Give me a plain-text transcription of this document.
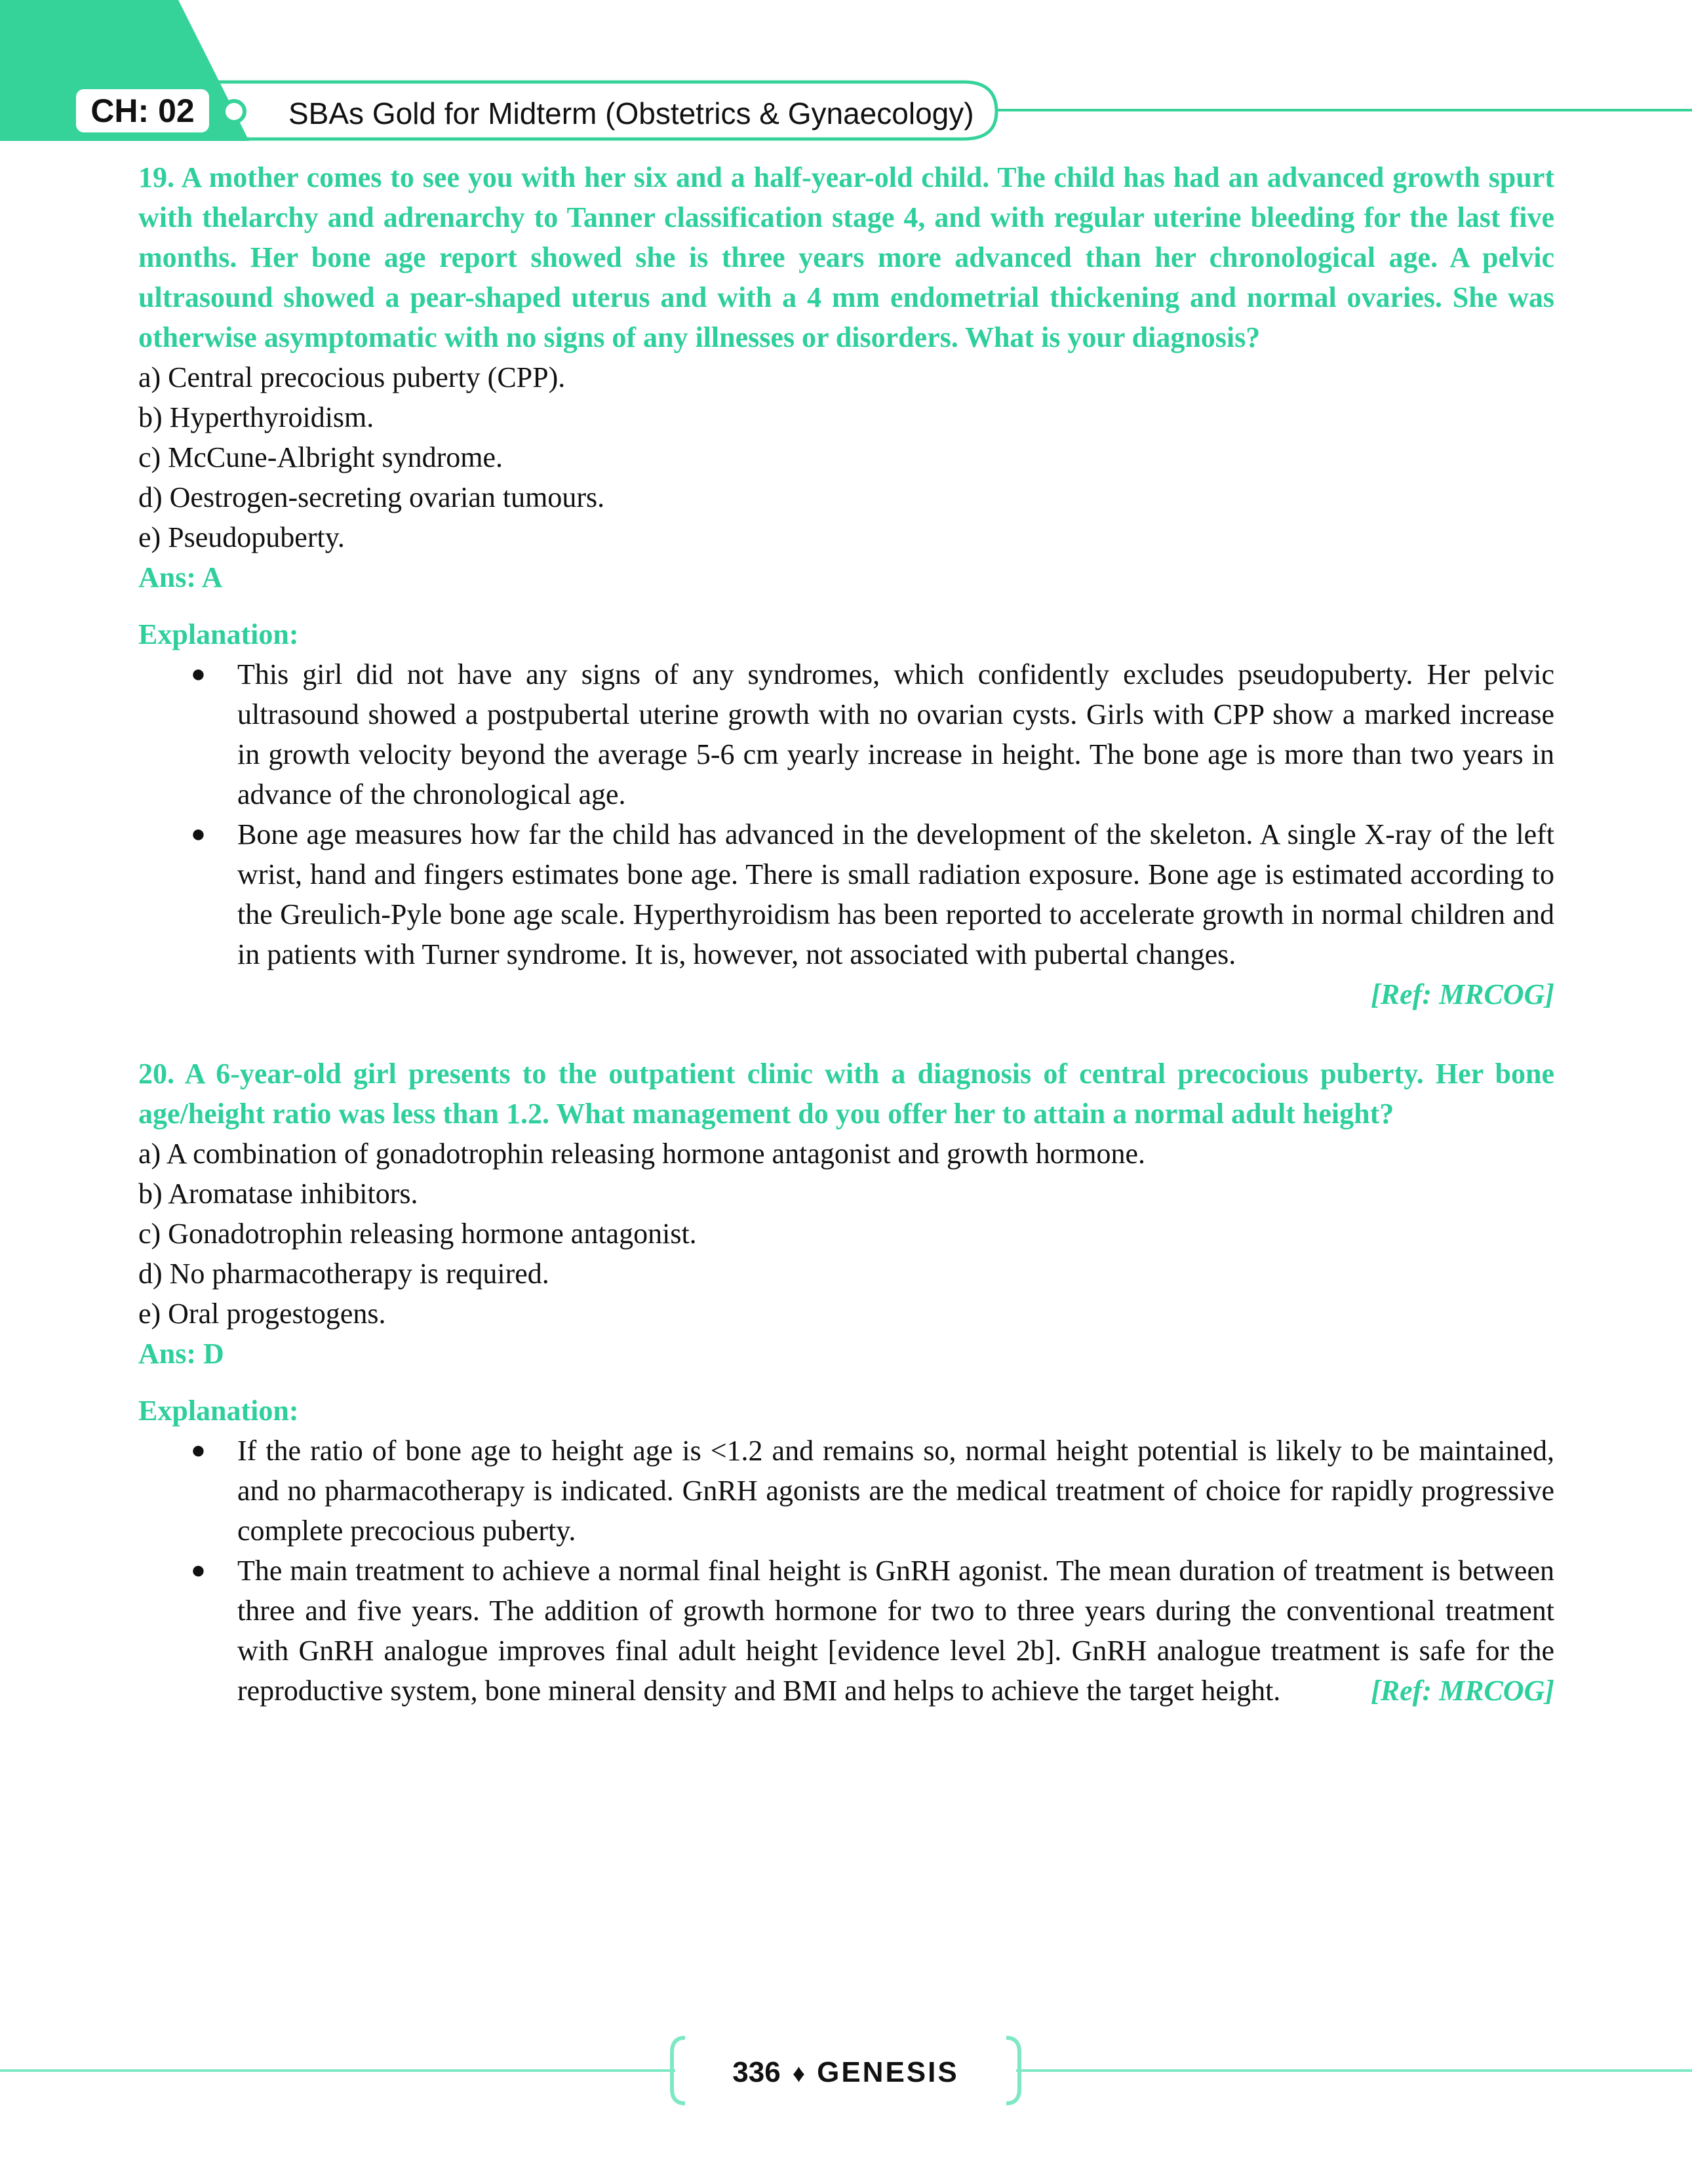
CH: 02	SBAs Gold for Midterm (Obstetrics & Gynaecology)

19. A mother comes to see you with her six and a half-year-old child. The child has had an advanced growth spurt with thelarchy and adrenarchy to Tanner classification stage 4, and with regular uterine bleeding for the last five months. Her bone age report showed she is three years more advanced than her chronological age. A pelvic ultrasound showed a pear-shaped uterus and with a 4 mm endometrial thickening and normal ovaries. She was otherwise asymptomatic with no signs of any illnesses or disorders. What is your diagnosis?

a) Central precocious puberty (CPP).
b) Hyperthyroidism.
c) McCune-Albright syndrome.
d) Oestrogen-secreting ovarian tumours.
e) Pseudopuberty.

Ans: A

Explanation:

● This girl did not have any signs of any syndromes, which confidently excludes pseudopuberty. Her pelvic ultrasound showed a postpubertal uterine growth with no ovarian cysts. Girls with CPP show a marked increase in growth velocity beyond the average 5-6 cm yearly increase in height. The bone age is more than two years in advance of the chronological age.
● Bone age measures how far the child has advanced in the development of the skeleton. A single X-ray of the left wrist, hand and fingers estimates bone age. There is small radiation exposure. Bone age is estimated according to the Greulich-Pyle bone age scale. Hyperthyroidism has been reported to accelerate growth in normal children and in patients with Turner syndrome. It is, however, not associated with pubertal changes.

[Ref: MRCOG]

20. A 6-year-old girl presents to the outpatient clinic with a diagnosis of central precocious puberty. Her bone age/height ratio was less than 1.2. What management do you offer her to attain a normal adult height?

a) A combination of gonadotrophin releasing hormone antagonist and growth hormone.
b) Aromatase inhibitors.
c) Gonadotrophin releasing hormone antagonist.
d) No pharmacotherapy is required.
e) Oral progestogens.

Ans: D

Explanation:

● If the ratio of bone age to height age is <1.2 and remains so, normal height potential is likely to be maintained, and no pharmacotherapy is indicated. GnRH agonists are the medical treatment of choice for rapidly progressive complete precocious puberty.
● The main treatment to achieve a normal final height is GnRH agonist. The mean duration of treatment is between three and five years. The addition of growth hormone for two to three years during the conventional treatment with GnRH analogue improves final adult height [evidence level 2b]. GnRH analogue treatment is safe for the reproductive system, bone mineral density and BMI and helps to achieve the target height.	[Ref: MRCOG]
336 ♦ GENESIS
